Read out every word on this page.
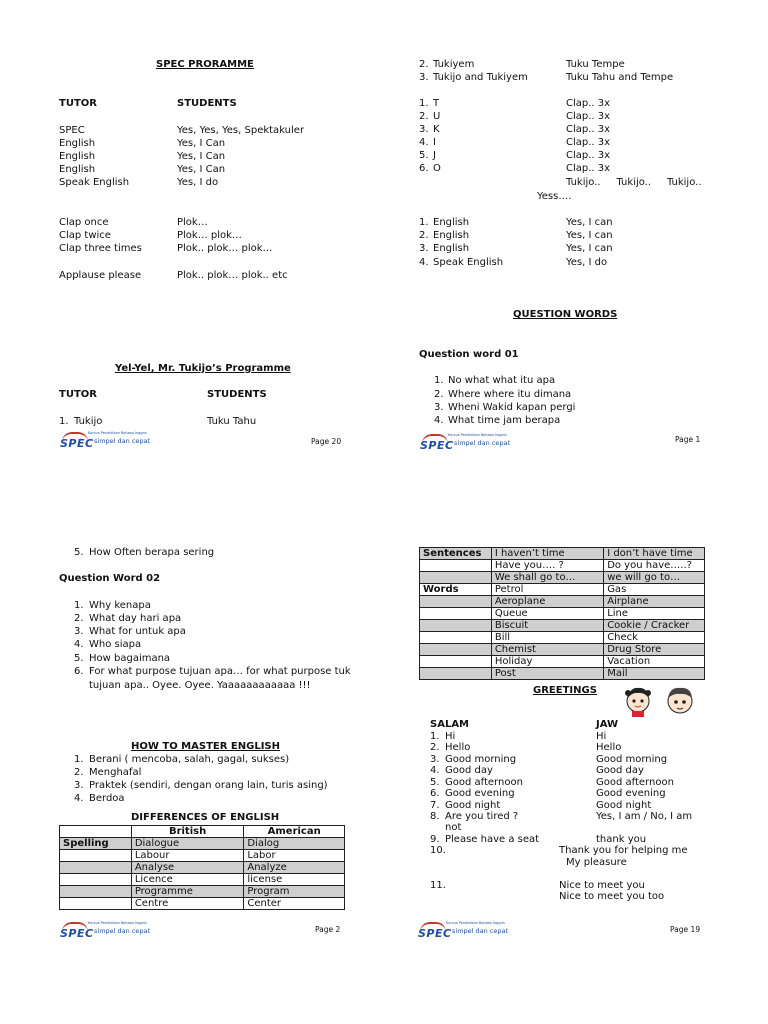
SPEC PRORAMME
TUTOR	STUDENTS
SPEC	Yes, Yes, Yes, Spektakuler
English	Yes, I Can
English	Yes, I Can
English	Yes, I Can
Speak English	Yes, I do
Clap once	Plok…
Clap twice	Plok… plok…
Clap three times	Plok.. plok… plok…
Applause please	Plok.. plok… plok.. etc
Yel-Yel, Mr. Tukijo’s Programme
TUTOR	STUDENTS
1. Tukijo	Tuku Tahu
Kursus Pendidikan Bahasa Inggris
SPEC simpel dan cepat	Page 20
2. Tukiyem	Tuku Tempe
3. Tukijo and Tukiyem	Tuku Tahu and Tempe
1. T	Clap.. 3x
2. U	Clap.. 3x
3. K	Clap.. 3x
4. I	Clap.. 3x
5. J	Clap.. 3x
6. O	Clap.. 3x
Tukijo..     Tukijo..     Tukijo..
Yess….
1. English	Yes, I can
2. English	Yes, I can
3. English	Yes, I can
4. Speak English	Yes, I do
QUESTION WORDS
Question word 01
1. No what what itu apa
2. Where where itu dimana
3. Wheni Wakid kapan pergi
4. What time jam berapa
Kursus Pendidikan Bahasa Inggris
SPEC simpel dan cepat	Page 1
5. How Often berapa sering
Question Word 02
1. Why kenapa
2. What day hari apa
3. What for untuk apa
4. Who siapa
5. How bagaimana
6. For what purpose tujuan apa… for what purpose tuk
tujuan apa.. Oyee. Oyee. Yaaaaaaaaaaaa !!!
HOW TO MASTER ENGLISH
1. Berani ( mencoba, salah, gagal, sukses)
2. Menghafal
3. Praktek (sendiri, dengan orang lain, turis asing)
4. Berdoa
DIFFERENCES OF ENGLISH
	British	American
Spelling	Dialogue	Dialog
	Labour	Labor
	Analyse	Analyze
	Licence	license
	Programme	Program
	Centre	Center
Kursus Pendidikan Bahasa Inggris
SPEC simpel dan cepat	Page 2
Sentences	I haven’t time	I don’t have time
	Have you…. ?	Do you have…..?
	We shall go to…	we will go to…
Words	Petrol	Gas
	Aeroplane	Airplane
	Queue	Line
	Biscuit	Cookie / Cracker
	Bill	Check
	Chemist	Drug Store
	Holiday	Vacation
	Post	Mail
GREETINGS
SALAM	JAW
1. Hi	Hi
2. Hello	Hello
3. Good morning	Good morning
4. Good day	Good day
5. Good afternoon	Good afternoon
6. Good evening	Good evening
7. Good night	Good night
8. Are you tired ?	Yes, I am / No, I am
not
9. Please have a seat	thank you
10.	Thank you for helping me
My pleasure
11.	Nice to meet you
Nice to meet you too
Kursus Pendidikan Bahasa Inggris
SPEC simpel dan cepat	Page 19
